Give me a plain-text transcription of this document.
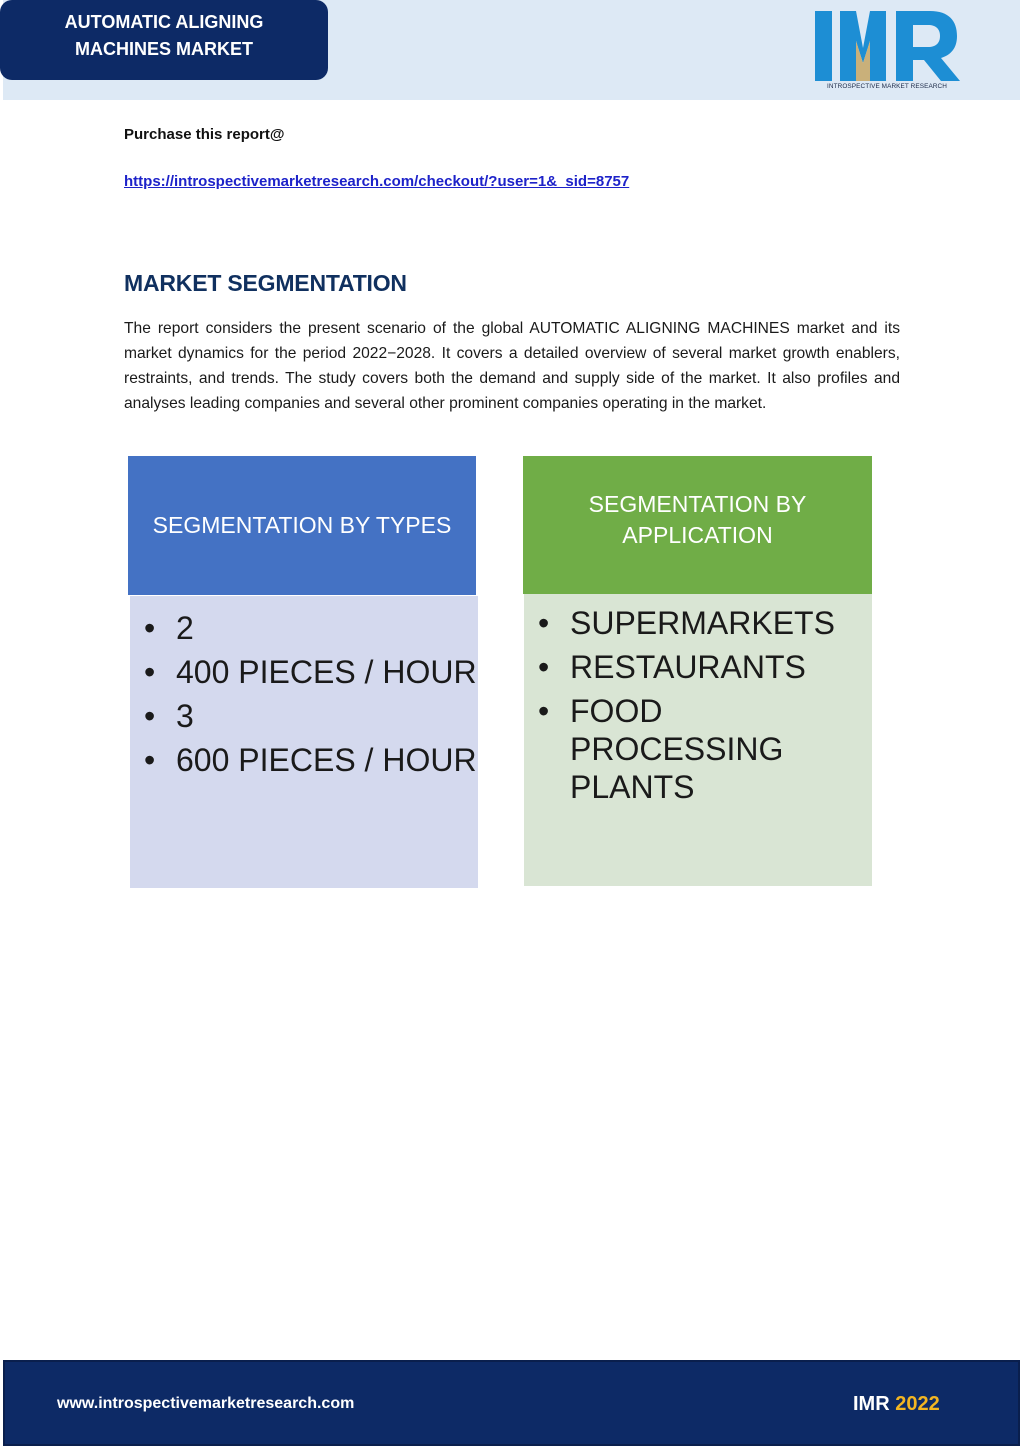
AUTOMATIC ALIGNING
MACHINES MARKET
INTROSPECTIVE MARKET RESEARCH
Purchase this report@
https://introspectivemarketresearch.com/checkout/?user=1&_sid=8757
MARKET SEGMENTATION

The report considers the present scenario of the global AUTOMATIC ALIGNING MACHINES market and its market dynamics for the period 2022−2028. It covers a detailed overview of several market growth enablers, restraints, and trends. The study covers both the demand and supply side of the market. It also profiles and analyses leading companies and several other prominent companies operating in the market.

SEGMENTATION BY TYPES
• 2
• 400 PIECES / HOUR
• 3
• 600 PIECES / HOUR
SEGMENTATION BY
APPLICATION
• SUPERMARKETS
• RESTAURANTS
• FOOD PROCESSING PLANTS
www.introspectivemarketresearch.com	IMR 2022
